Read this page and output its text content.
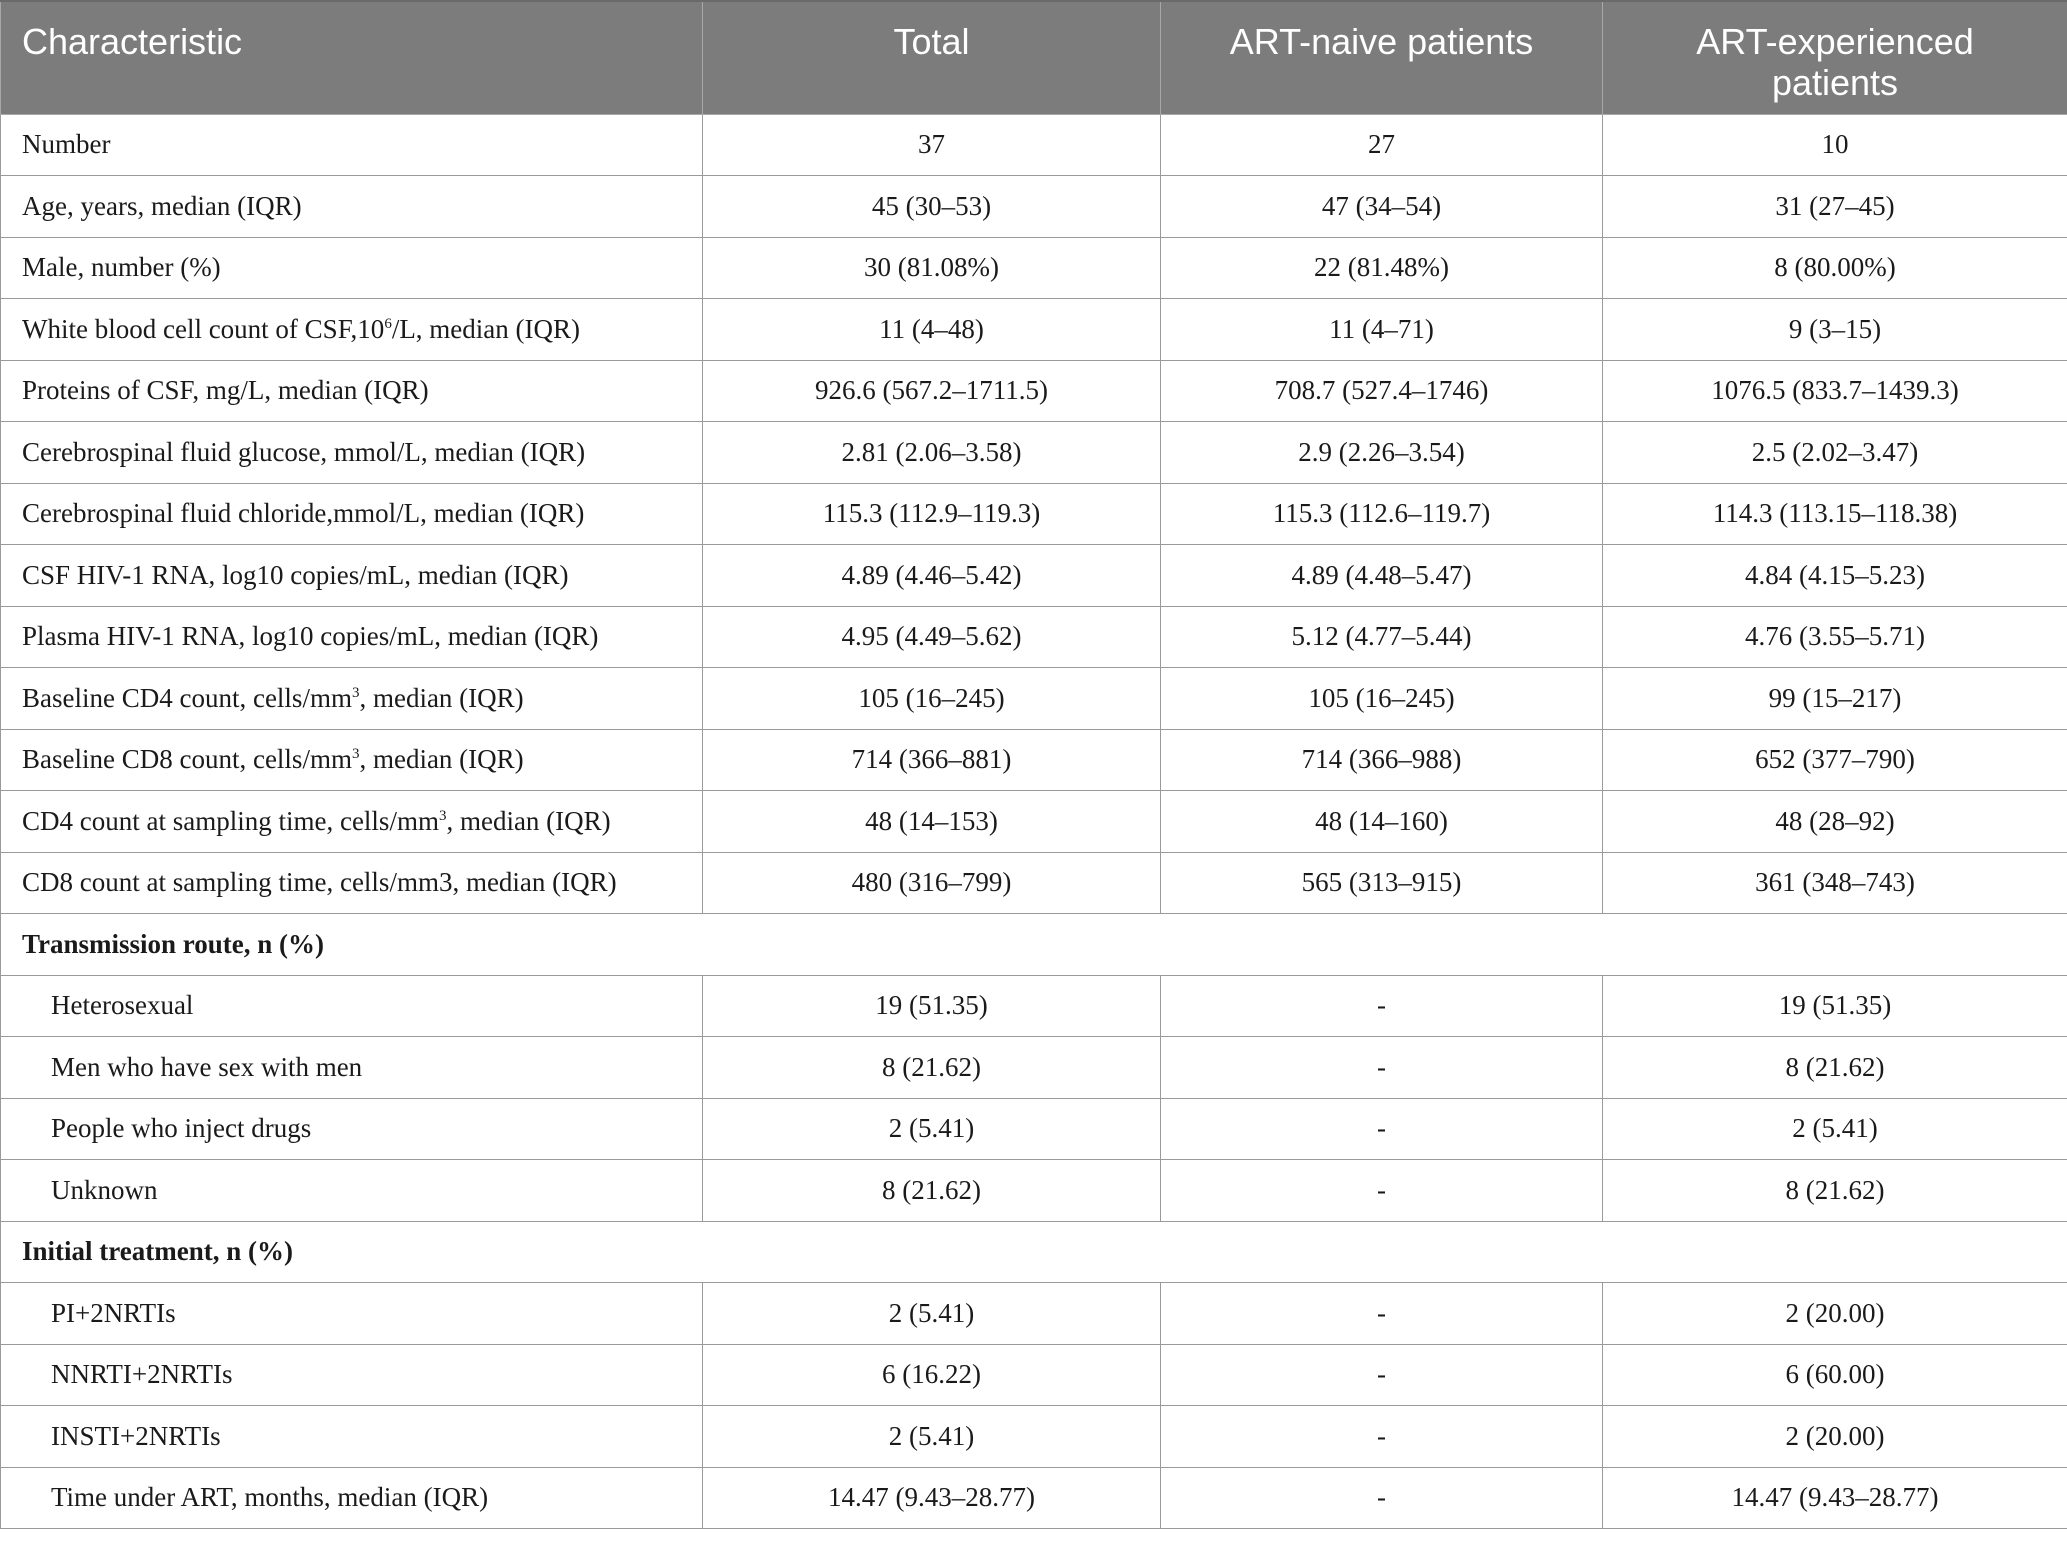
Characteristic	Total	ART-naive patients	ART-experienced
patients
Number	37	27	10
Age, years, median (IQR)	45 (30–53)	47 (34–54)	31 (27–45)
Male, number (%)	30 (81.08%)	22 (81.48%)	8 (80.00%)
White blood cell count of $CSF,10^6/L$, median (IQR)	11 (4–48)	11 (4–71)	9 (3–15)
Proteins of CSF, mg/L, median (IQR)	926.6 (567.2–1711.5)	708.7 (527.4–1746)	1076.5 (833.7–1439.3)
Cerebrospinal fluid glucose, mmol/L, median (IQR)	2.81 (2.06–3.58)	2.9 (2.26–3.54)	2.5 (2.02–3.47)
Cerebrospinal fluid chloride,mmol/L, median (IQR)	115.3 (112.9–119.3)	115.3 (112.6–119.7)	114.3 (113.15–118.38)
CSF HIV-1 RNA, log10 copies/mL, median (IQR)	4.89 (4.46–5.42)	4.89 (4.48–5.47)	4.84 (4.15–5.23)
Plasma HIV-1 RNA, log10 copies/mL, median (IQR)	4.95 (4.49–5.62)	5.12 (4.77–5.44)	4.76 (3.55–5.71)
Baseline CD4 count, cells/$mm^3$, median (IQR)	105 (16–245)	105 (16–245)	99 (15–217)
Baseline CD8 count, cells/$mm^3$, median (IQR)	714 (366–881)	714 (366–988)	652 (377–790)
CD4 count at sampling time, cells/$mm^3$, median (IQR)	48 (14–153)	48 (14–160)	48 (28–92)
CD8 count at sampling time, cells/mm3, median (IQR)	480 (316–799)	565 (313–915)	361 (348–743)
Transmission route, n (%)			
Heterosexual	19 (51.35)	-	19 (51.35)
Men who have sex with men	8 (21.62)	-	8 (21.62)
People who inject drugs	2 (5.41)	-	2 (5.41)
Unknown	8 (21.62)	-	8 (21.62)
Initial treatment, n (%)			
PI+2NRTIs	2 (5.41)	-	2 (20.00)
NNRTI+2NRTIs	6 (16.22)	-	6 (60.00)
INSTI+2NRTIs	2 (5.41)	-	2 (20.00)
Time under ART, months, median (IQR)	14.47 (9.43–28.77)	-	14.47 (9.43–28.77)
